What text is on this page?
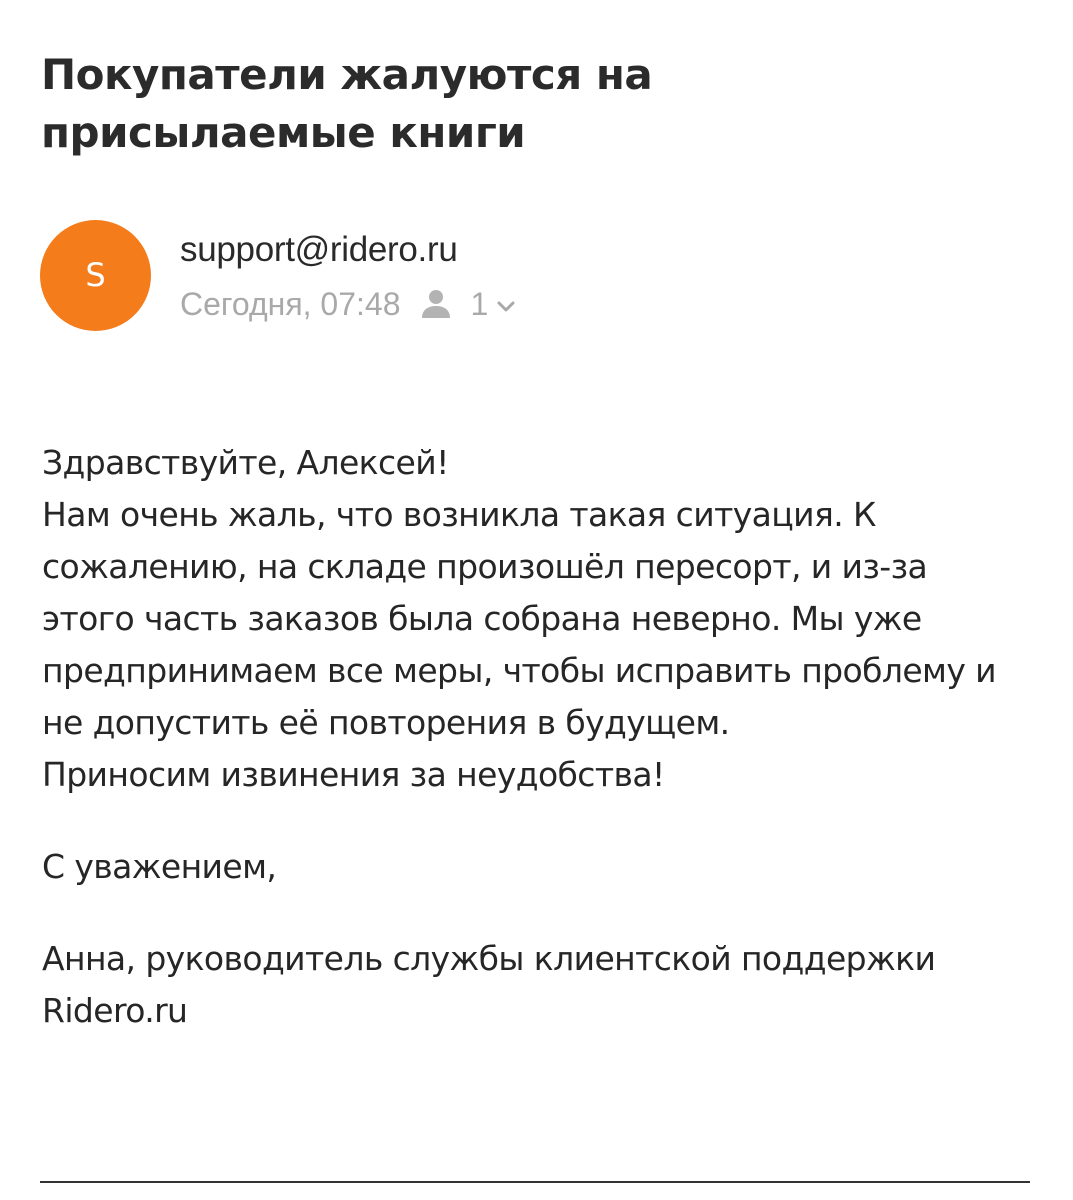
Покупатели жалуются на присылаемые книги
S
support@ridero.ru
Сегодня, 07:48 1

Здравствуйте, Алексей!

Нам очень жаль, что возникла такая ситуация. К сожалению, на складе произошёл пересорт, и из-за этого часть заказов была собрана неверно. Мы уже предпринимаем все меры, чтобы исправить проблему и не допустить её повторения в будущем.

Приносим извинения за неудобства!

С уважением,

Анна, руководитель службы клиентской поддержки

Ridero.ru
